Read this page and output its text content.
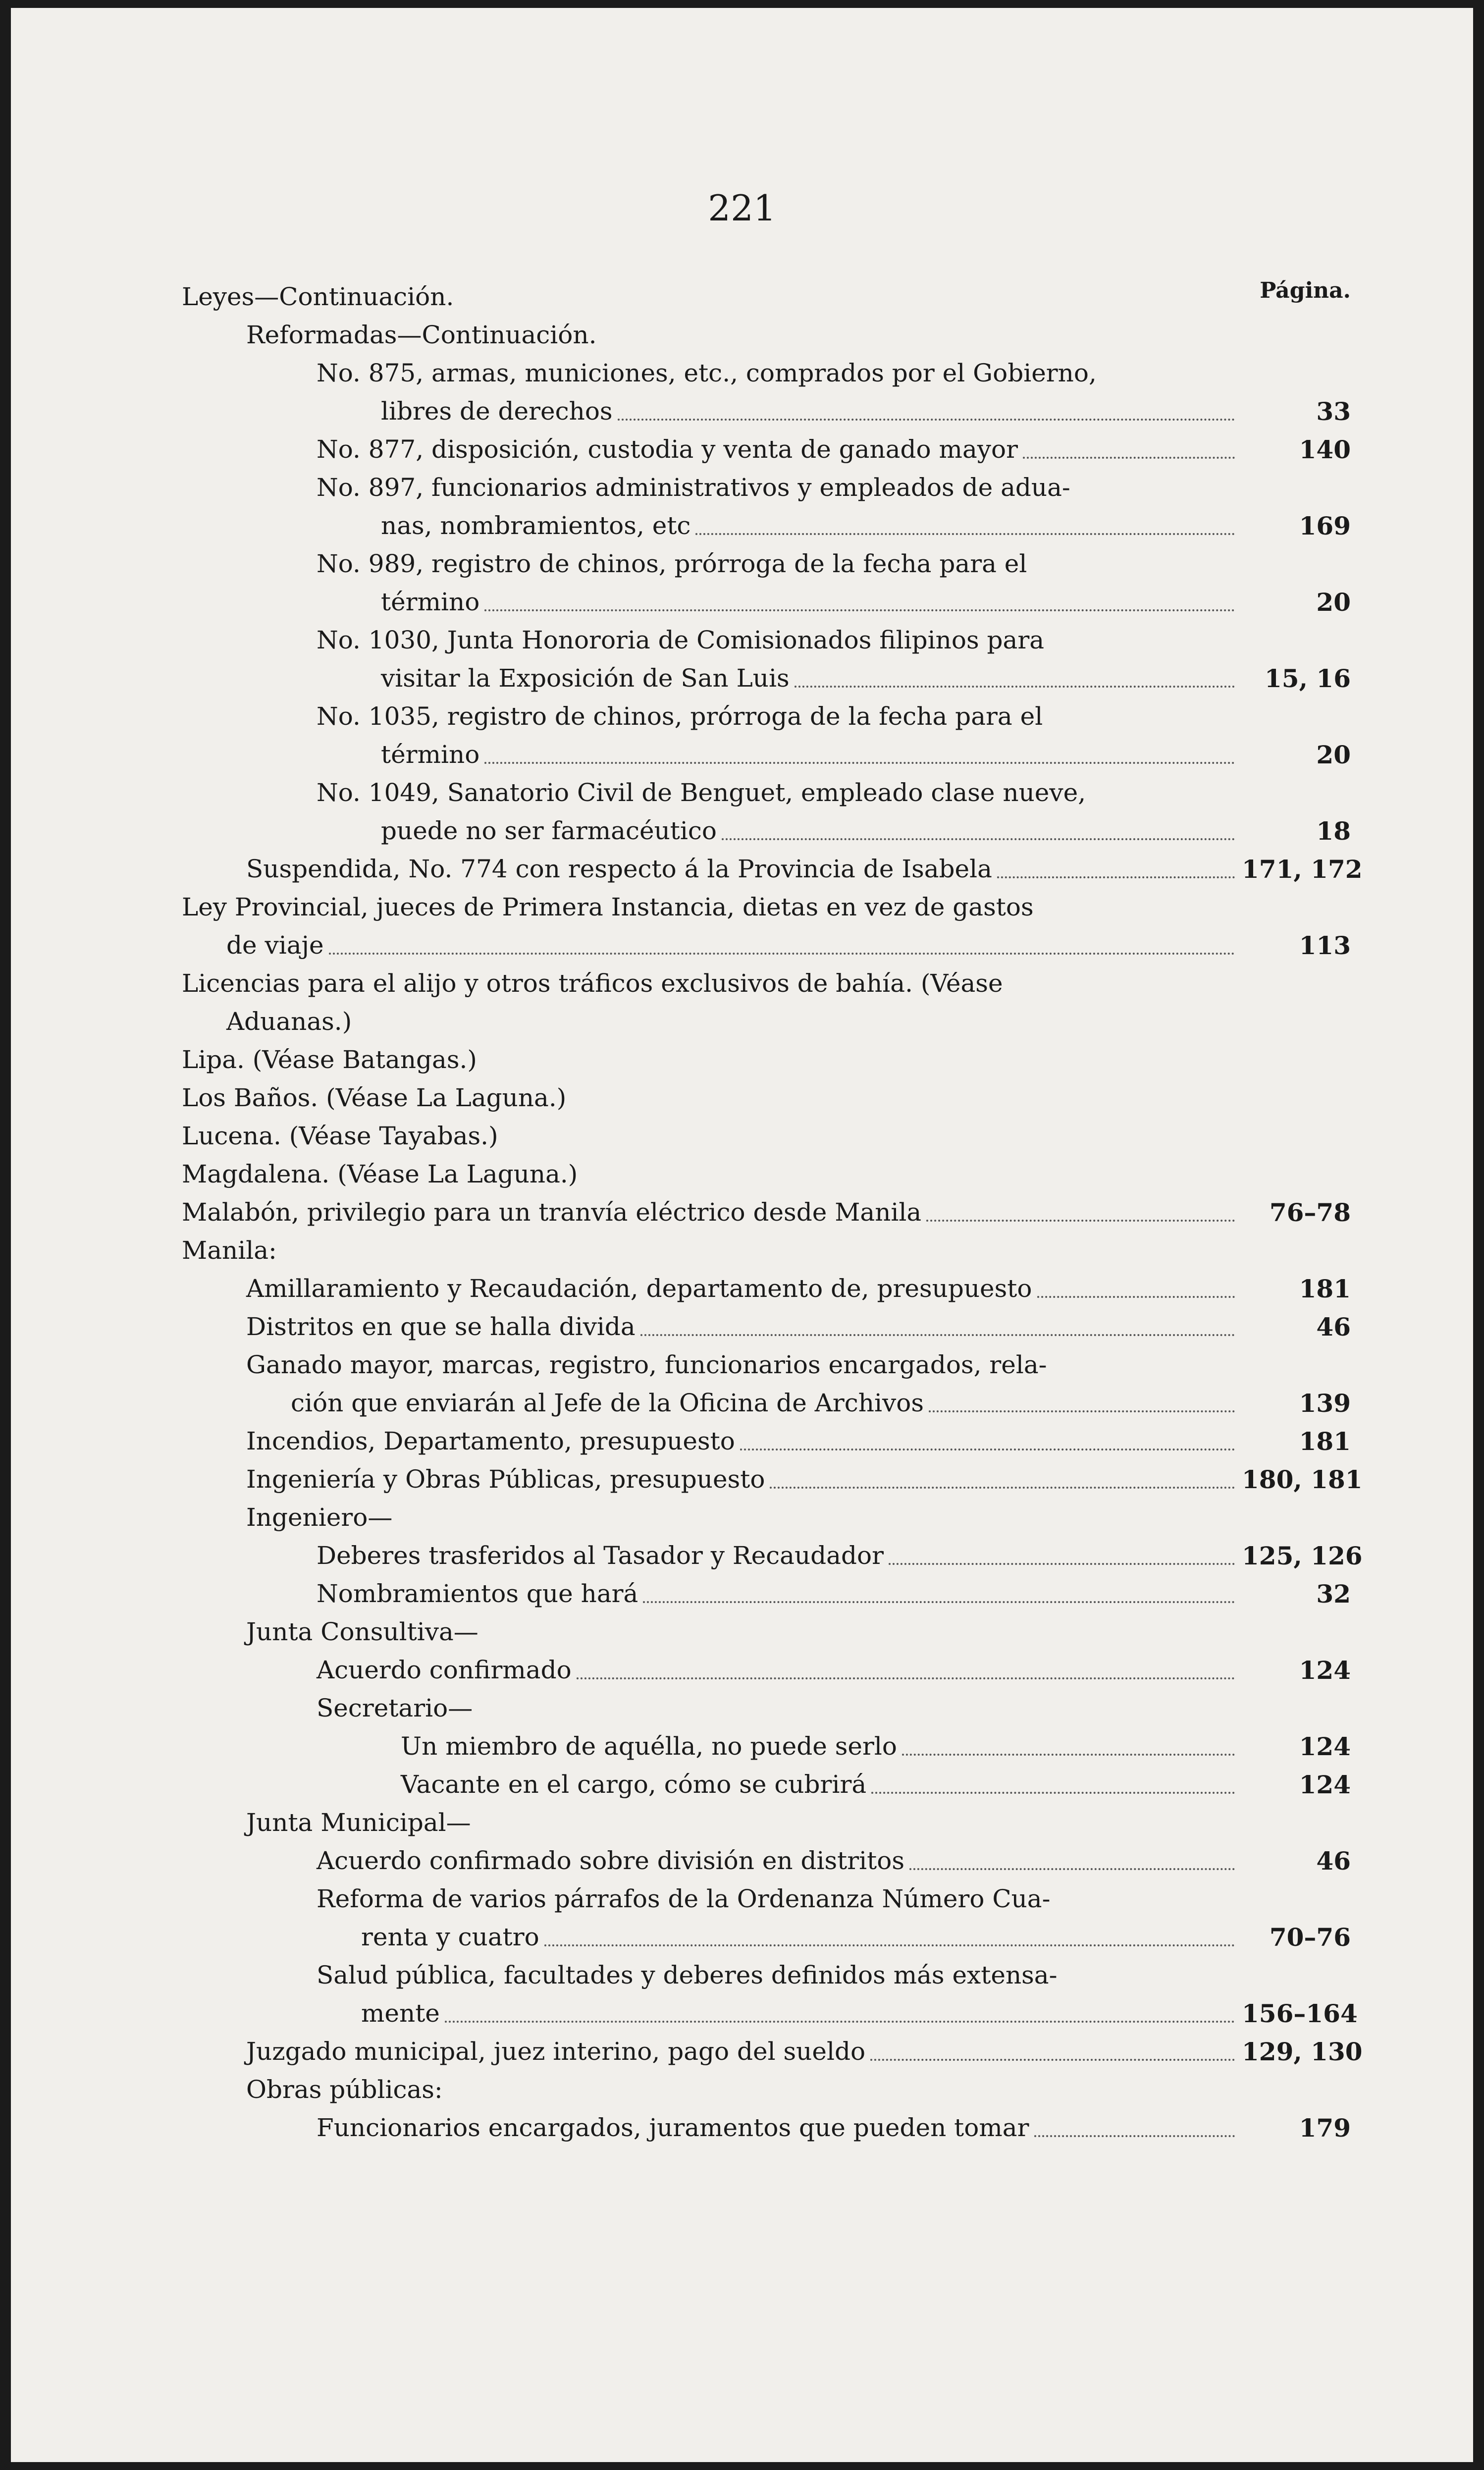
221
Página.
Leyes—Continuación.
Reformadas—Continuación.
No. 875, armas, municiones, etc., comprados por el Gobierno,
libres de derechos	33
No. 877, disposición, custodia y venta de ganado mayor	140
No. 897, funcionarios administrativos y empleados de adua-
nas, nombramientos, etc	169
No. 989, registro de chinos, prórroga de la fecha para el
término	20
No. 1030, Junta Honororia de Comisionados filipinos para
visitar la Exposición de San Luis	15, 16
No. 1035, registro de chinos, prórroga de la fecha para el
término	20
No. 1049, Sanatorio Civil de Benguet, empleado clase nueve,
puede no ser farmacéutico	18
Suspendida, No. 774 con respecto á la Provincia de Isabela	171, 172
Ley Provincial, jueces de Primera Instancia, dietas en vez de gastos
de viaje	113
Licencias para el alijo y otros tráficos exclusivos de bahía. (Véase
Aduanas.)
Lipa. (Véase Batangas.)
Los Baños. (Véase La Laguna.)
Lucena. (Véase Tayabas.)
Magdalena. (Véase La Laguna.)
Malabón, privilegio para un tranvía eléctrico desde Manila	76–78
Manila:
Amillaramiento y Recaudación, departamento de, presupuesto	181
Distritos en que se halla divida	46
Ganado mayor, marcas, registro, funcionarios encargados, rela-
ción que enviarán al Jefe de la Oficina de Archivos	139
Incendios, Departamento, presupuesto	181
Ingeniería y Obras Públicas, presupuesto	180, 181
Ingeniero—
Deberes trasferidos al Tasador y Recaudador	125, 126
Nombramientos que hará	32
Junta Consultiva—
Acuerdo confirmado	124
Secretario—
Un miembro de aquélla, no puede serlo	124
Vacante en el cargo, cómo se cubrirá	124
Junta Municipal—
Acuerdo confirmado sobre división en distritos	46
Reforma de varios párrafos de la Ordenanza Número Cua-
renta y cuatro	70–76
Salud pública, facultades y deberes definidos más extensa-
mente	156–164
Juzgado municipal, juez interino, pago del sueldo	129, 130
Obras públicas:
Funcionarios encargados, juramentos que pueden tomar	179
